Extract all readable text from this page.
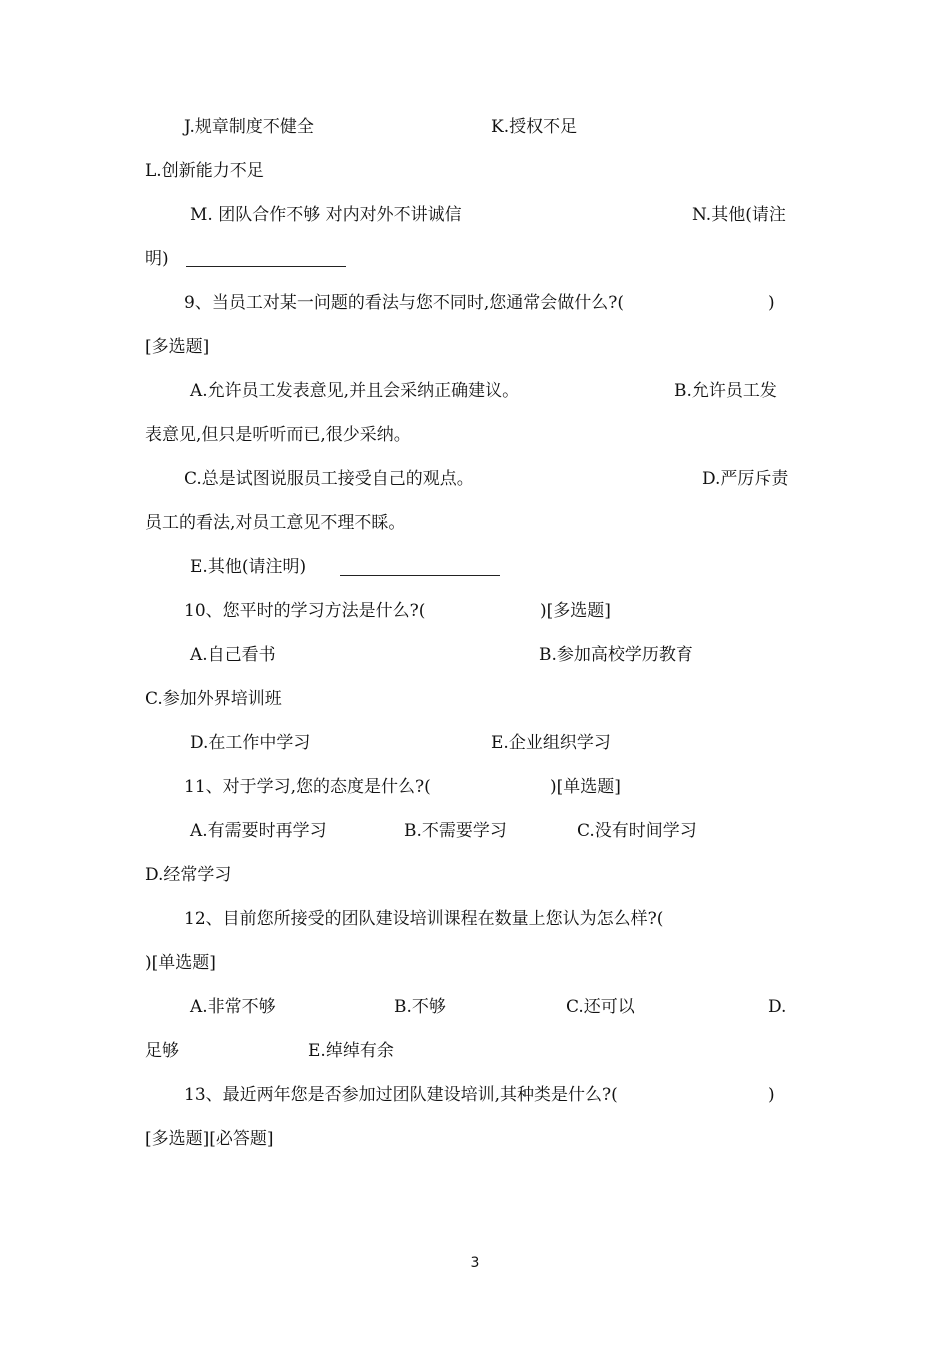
J.规章制度不健全	K.授权不足
L.创新能力不足
M. 团队合作不够 对内对外不讲诚信	N.其他(请注
明)
9、当员工对某一问题的看法与您不同时,您通常会做什么?(	)
[多选题]
A.允许员工发表意见,并且会采纳正确建议。	B.允许员工发
表意见,但只是听听而已,很少采纳。
C.总是试图说服员工接受自己的观点。	D.严厉斥责
员工的看法,对员工意见不理不睬。
E.其他(请注明)
10、您平时的学习方法是什么?(	)[多选题]
A.自己看书	B.参加高校学历教育
C.参加外界培训班
D.在工作中学习	E.企业组织学习
11、对于学习,您的态度是什么?(	)[单选题]
A.有需要时再学习	B.不需要学习	C.没有时间学习
D.经常学习
12、目前您所接受的团队建设培训课程在数量上您认为怎么样?(
)[单选题]
A.非常不够	B.不够	C.还可以	D.
足够	E.绰绰有余
13、最近两年您是否参加过团队建设培训,其种类是什么?(	)
[多选题][必答题]
3
